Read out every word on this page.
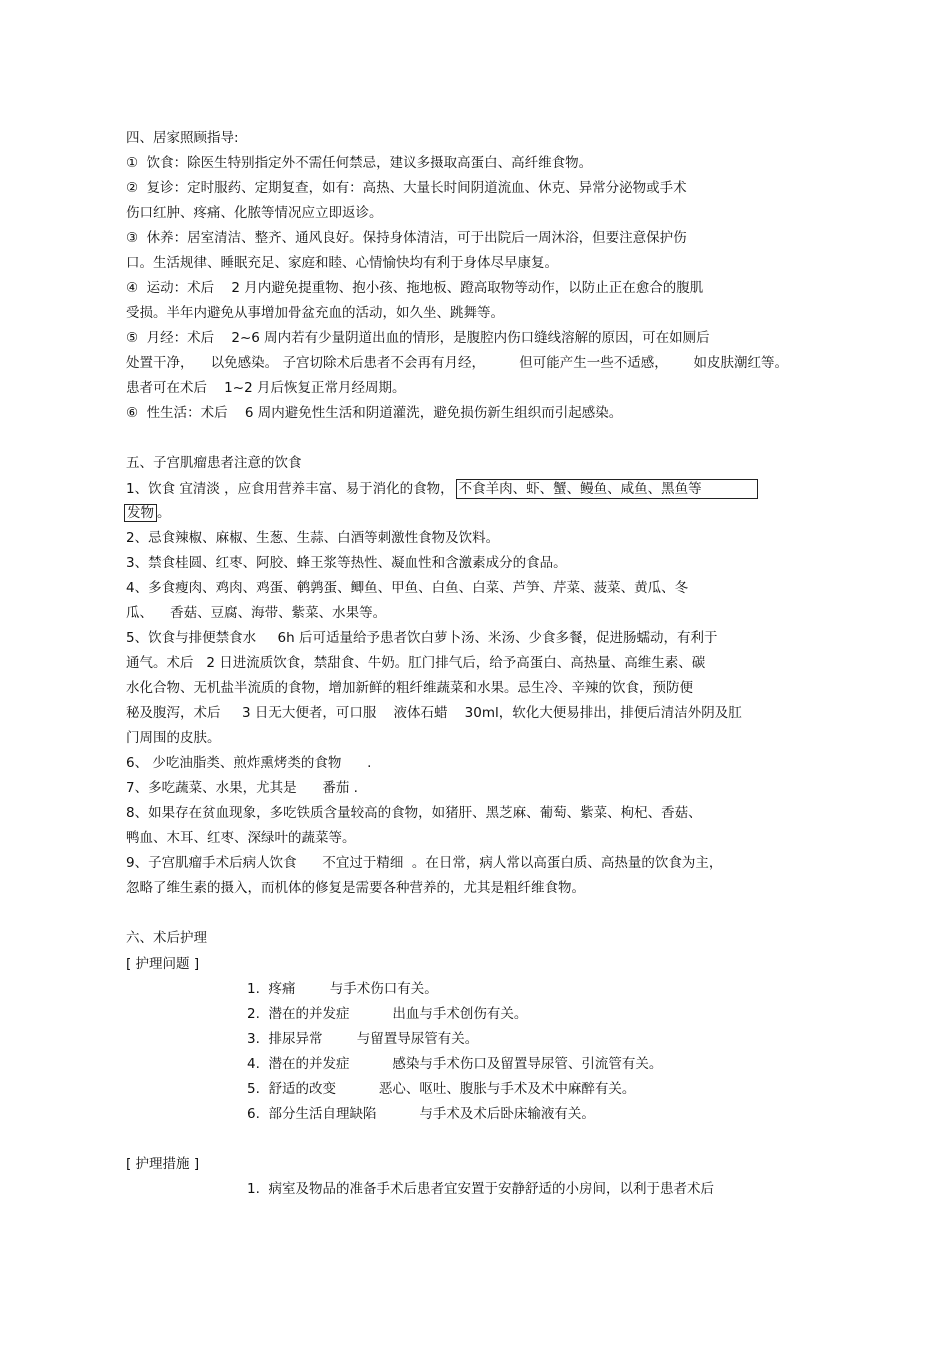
四、居家照顾指导:

①  饮食：除医生特别指定外不需任何禁忌，建议多摄取高蛋白、高纤维食物。

②  复诊：定时服药、定期复查，如有：高热、大量长时间阴道流血、休克、异常分泌物或手术

伤口红肿、疼痛、化脓等情况应立即返诊。

③  休养：居室清洁、整齐、通风良好。保持身体清洁，可于出院后一周沐浴，但要注意保护伤

口。生活规律、睡眠充足、家庭和睦、心情愉快均有利于身体尽早康复。

④  运动：术后    2 月内避免提重物、抱小孩、拖地板、蹬高取物等动作，以防止正在愈合的腹肌

受损。半年内避免从事增加骨盆充血的活动，如久坐、跳舞等。

⑤  月经：术后    2~6 周内若有少量阴道出血的情形，是腹腔内伤口缝线溶解的原因，可在如厕后

处置干净，    以免感染。 子宫切除术后患者不会再有月经，        但可能产生一些不适感，      如皮肤潮红等。

患者可在术后    1~2 月后恢复正常月经周期。

⑥  性生活：术后    6 周内避免性生活和阴道灌洗，避免损伤新生组织而引起感染。

五、子宫肌瘤患者注意的饮食

1、饮食 宜清淡 ，应食用营养丰富、易于消化的食物， 不食羊肉、虾、蟹、鳗鱼、咸鱼、黑鱼等

发物 。

2、忌食辣椒、麻椒、生葱、生蒜、白酒等刺激性食物及饮料。

3、禁食桂圆、红枣、阿胶、蜂王浆等热性、凝血性和含激素成分的食品。

4、多食瘦肉、鸡肉、鸡蛋、鹌鹑蛋、鲫鱼、甲鱼、白鱼、白菜、芦笋、芹菜、菠菜、黄瓜、冬

瓜、    香菇、豆腐、海带、紫菜、水果等。

5、饮食与排便禁食水     6h 后可适量给予患者饮白萝卜汤、米汤、少食多餐，促进肠蠕动，有利于

通气。术后   2 日进流质饮食，禁甜食、牛奶。肛门排气后，给予高蛋白、高热量、高维生素、碳

水化合物、无机盐半流质的食物，增加新鲜的粗纤维蔬菜和水果。忌生冷、辛辣的饮食，预防便

秘及腹泻，术后     3 日无大便者，可口服    液体石蜡    30ml，软化大便易排出，排便后清洁外阴及肛

门周围的皮肤。

6、 少吃油脂类、煎炸熏烤类的食物      .

7、多吃蔬菜、水果，尤其是      番茄 .

8、如果存在贫血现象，多吃铁质含量较高的食物，如猪肝、黑芝麻、葡萄、紫菜、枸杞、香菇、

鸭血、木耳、红枣、深绿叶的蔬菜等。

9、子宫肌瘤手术后病人饮食      不宜过于精细  。在日常，病人常以高蛋白质、高热量的饮食为主，

忽略了维生素的摄入，而机体的修复是需要各种营养的，尤其是粗纤维食物。

六、术后护理

[ 护理问题 ]

1.  疼痛        与手术伤口有关。

2.  潜在的并发症          出血与手术创伤有关。

3.  排尿异常        与留置导尿管有关。

4.  潜在的并发症          感染与手术伤口及留置导尿管、引流管有关。

5.  舒适的改变          恶心、呕吐、腹胀与手术及术中麻醉有关。

6.  部分生活自理缺陷          与手术及术后卧床输液有关。

[ 护理措施 ]

1.  病室及物品的准备手术后患者宜安置于安静舒适的小房间，以利于患者术后
